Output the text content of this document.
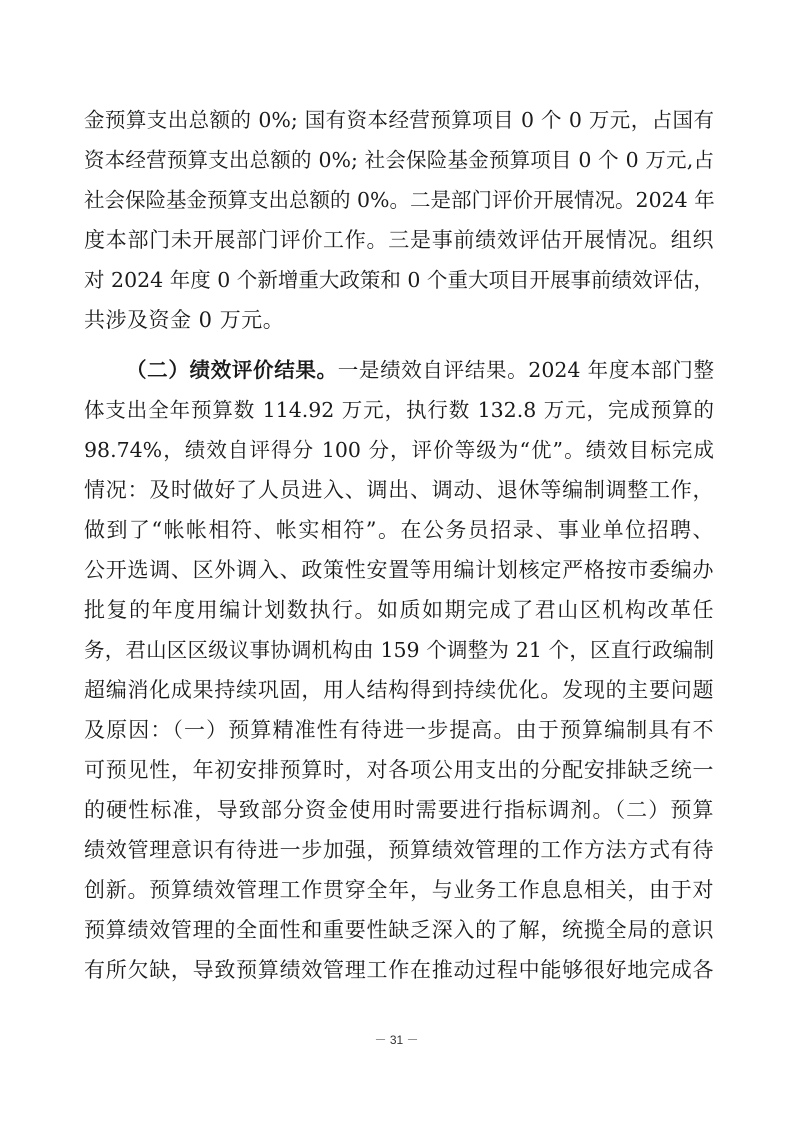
金预算支出总额的 0%; 国有资本经营预算项目 0 个 0 万元，占国有
资本经营预算支出总额的 0%; 社会保险基金预算项目 0 个 0 万元,占
社会保险基金预算支出总额的 0%。二是部门评价开展情况。2024 年
度本部门未开展部门评价工作。三是事前绩效评估开展情况。组织
对 2024 年度 0 个新增重大政策和 0 个重大项目开展事前绩效评估，
共涉及资金 0 万元。
（二）绩效评价结果。一是绩效自评结果。2024 年度本部门整
体支出全年预算数 114.92 万元，执行数 132.8 万元，完成预算的
98.74%，绩效自评得分 100 分，评价等级为“优”。绩效目标完成
情况：及时做好了人员进入、调出、调动、退休等编制调整工作，
做到了“帐帐相符、帐实相符”。在公务员招录、事业单位招聘、
公开选调、区外调入、政策性安置等用编计划核定严格按市委编办
批复的年度用编计划数执行。如质如期完成了君山区机构改革任
务，君山区区级议事协调机构由 159 个调整为 21 个，区直行政编制
超编消化成果持续巩固，用人结构得到持续优化。发现的主要问题
及原因：（一）预算精准性有待进一步提高。由于预算编制具有不
可预见性，年初安排预算时，对各项公用支出的分配安排缺乏统一
的硬性标准，导致部分资金使用时需要进行指标调剂。（二）预算
绩效管理意识有待进一步加强，预算绩效管理的工作方法方式有待
创新。预算绩效管理工作贯穿全年，与业务工作息息相关，由于对
预算绩效管理的全面性和重要性缺乏深入的了解，统揽全局的意识
有所欠缺，导致预算绩效管理工作在推动过程中能够很好地完成各
－ 31 －
